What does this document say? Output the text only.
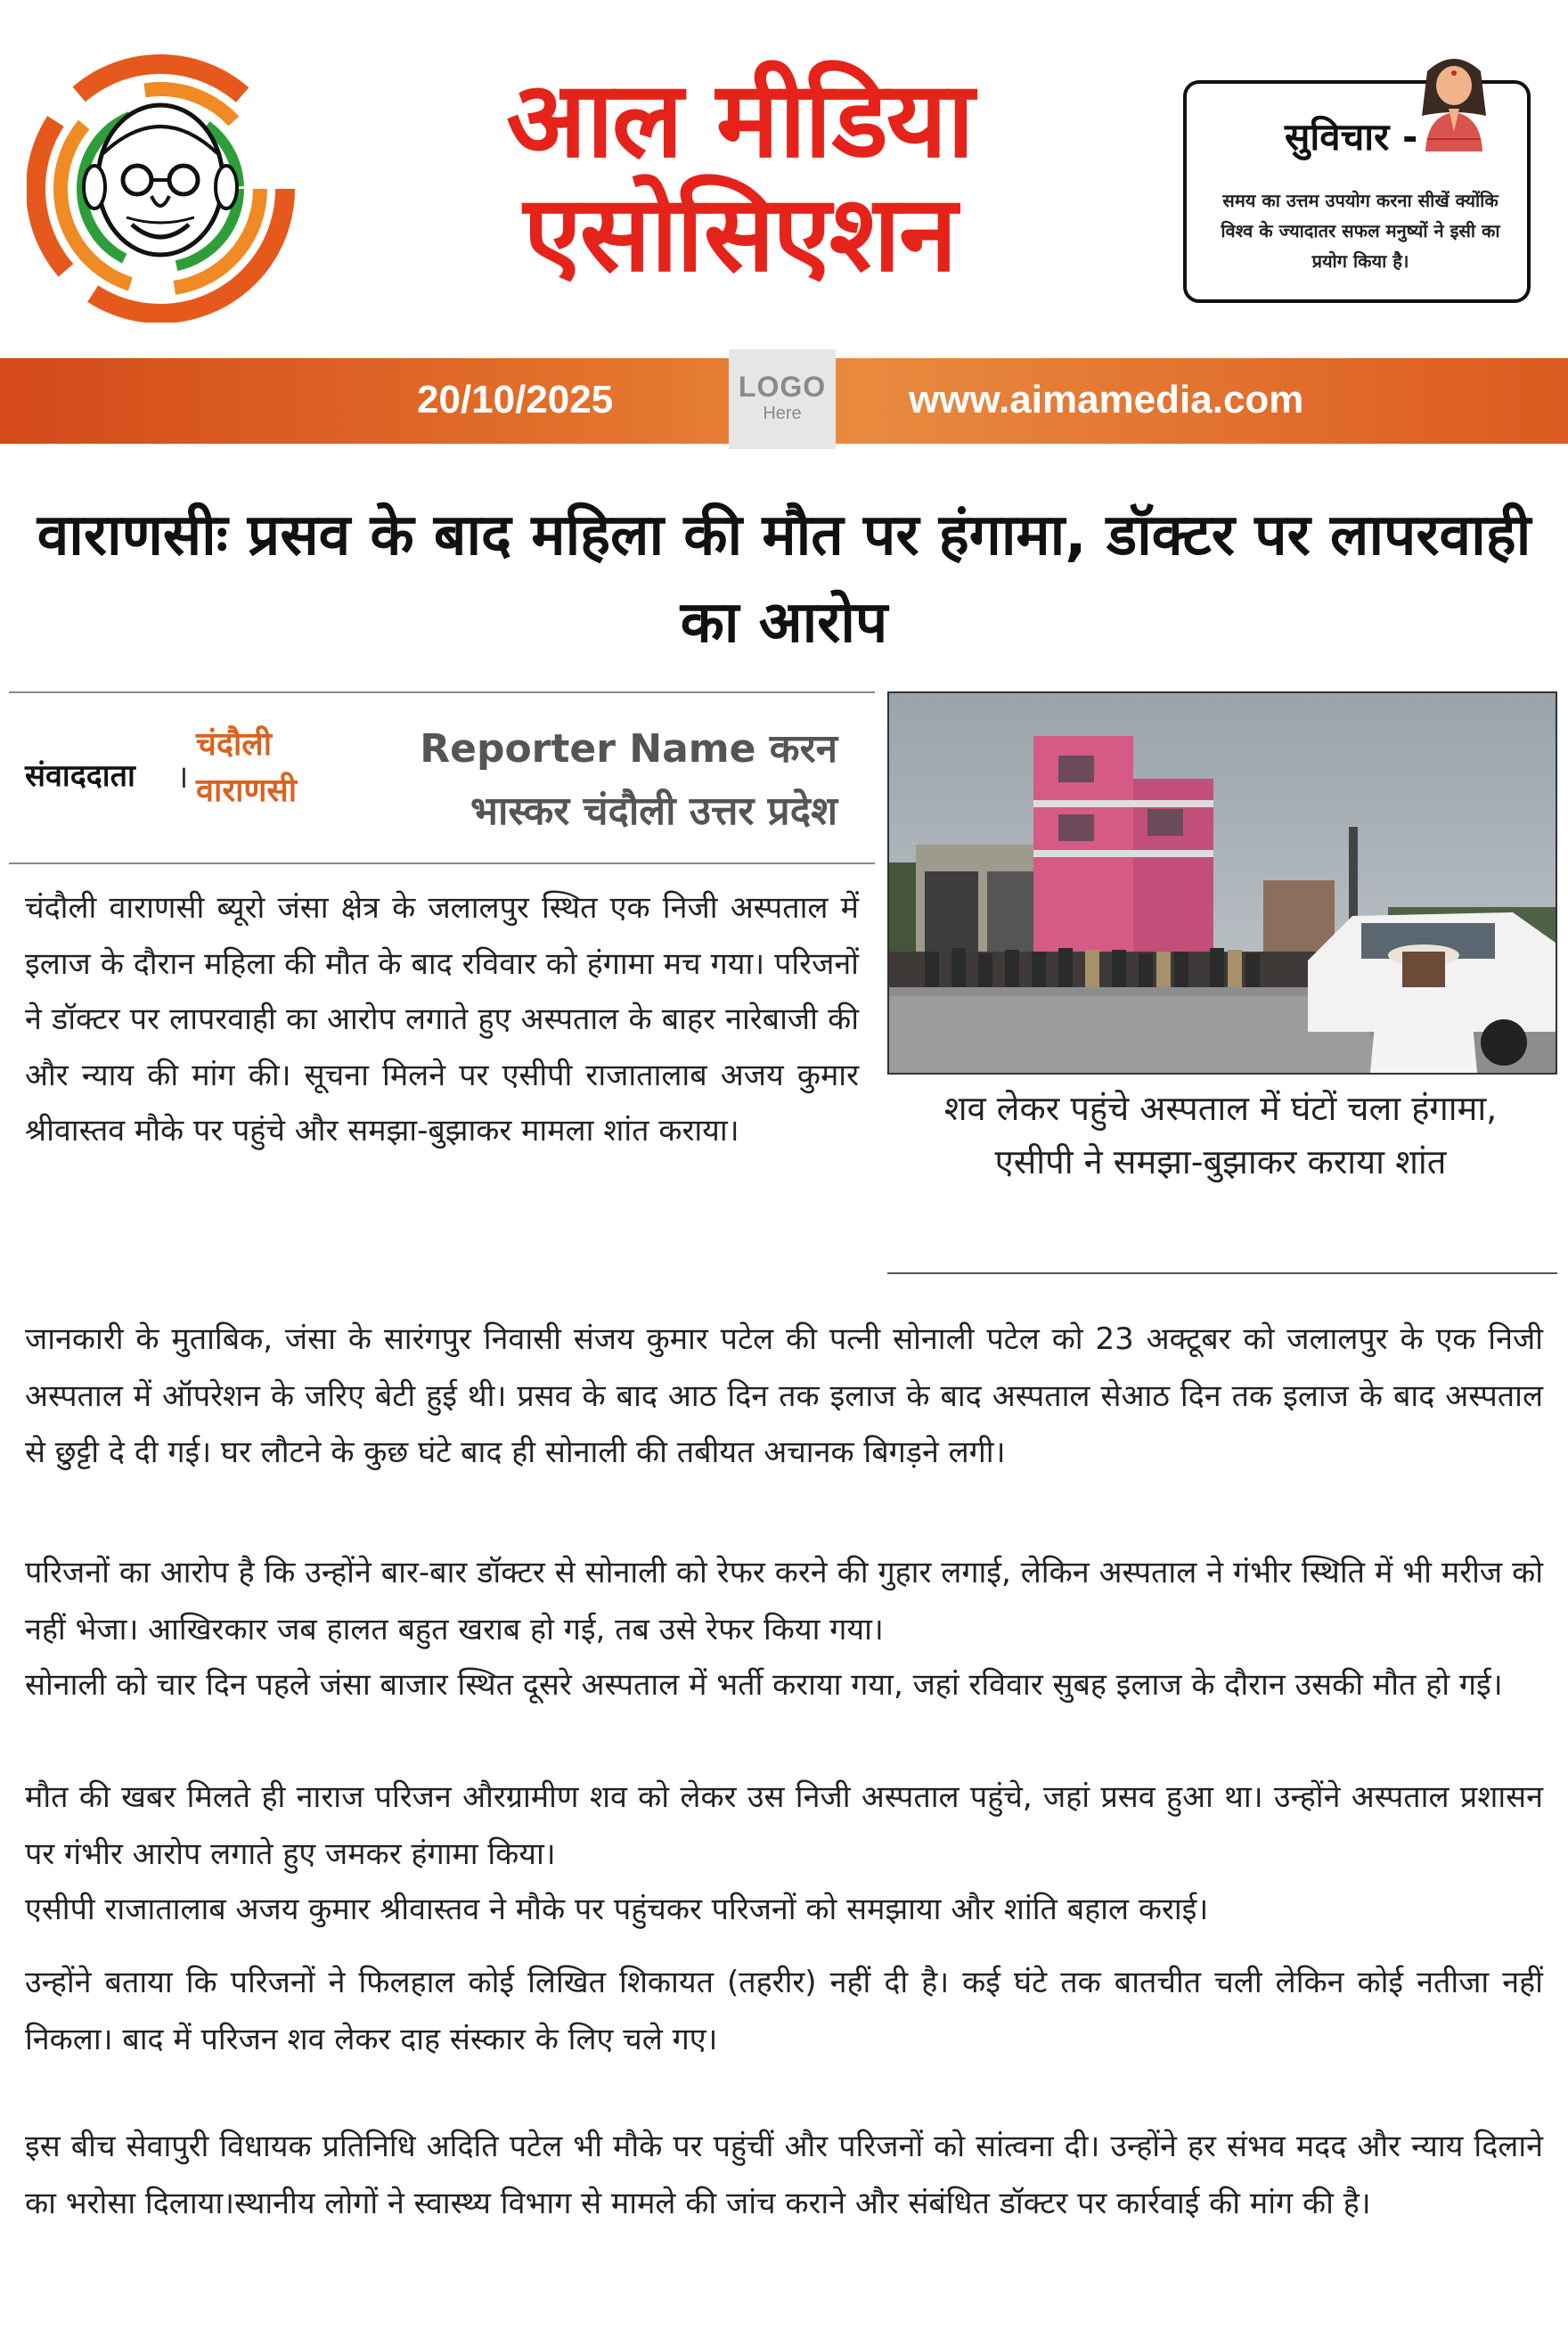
आल मीडिया
एसोसिएशन
सुविचार -
समय का उत्तम उपयोग करना सीखें क्योंकि विश्व के ज्यादातर सफल मनुष्यों ने इसी का प्रयोग किया है।
20/10/2025	LOGO
Here	www.aimamedia.com
वाराणसीः प्रसव के बाद महिला की मौत पर हंगामा, डॉक्टर पर लापरवाही का आरोप
संवाददाता ।
चंदौली
वाराणसी
Reporter Name करन भास्कर चंदौली उत्तर प्रदेश
शव लेकर पहुंचे अस्पताल में घंटों चला हंगामा, एसीपी ने समझा-बुझाकर कराया शांत
चंदौली वाराणसी ब्यूरो जंसा क्षेत्र के जलालपुर स्थित एक निजी अस्पताल में इलाज के दौरान महिला की मौत के बाद रविवार को हंगामा मच गया। परिजनों ने डॉक्टर पर लापरवाही का आरोप लगाते हुए अस्पताल के बाहर नारेबाजी की और न्याय की मांग की। सूचना मिलने पर एसीपी राजातालाब अजय कुमार श्रीवास्तव मौके पर पहुंचे और समझा-बुझाकर मामला शांत कराया।
जानकारी के मुताबिक, जंसा के सारंगपुर निवासी संजय कुमार पटेल की पत्नी सोनाली पटेल को 23 अक्टूबर को जलालपुर के एक निजी अस्पताल में ऑपरेशन के जरिए बेटी हुई थी। प्रसव के बाद आठ दिन तक इलाज के बाद अस्पताल सेआठ दिन तक इलाज के बाद अस्पताल से छुट्टी दे दी गई। घर लौटने के कुछ घंटे बाद ही सोनाली की तबीयत अचानक बिगड़ने लगी।
परिजनों का आरोप है कि उन्होंने बार-बार डॉक्टर से सोनाली को रेफर करने की गुहार लगाई, लेकिन अस्पताल ने गंभीर स्थिति में भी मरीज को नहीं भेजा। आखिरकार जब हालत बहुत खराब हो गई, तब उसे रेफर किया गया।
सोनाली को चार दिन पहले जंसा बाजार स्थित दूसरे अस्पताल में भर्ती कराया गया, जहां रविवार सुबह इलाज के दौरान उसकी मौत हो गई।
मौत की खबर मिलते ही नाराज परिजन औरग्रामीण शव को लेकर उस निजी अस्पताल पहुंचे, जहां प्रसव हुआ था। उन्होंने अस्पताल प्रशासन पर गंभीर आरोप लगाते हुए जमकर हंगामा किया।
एसीपी राजातालाब अजय कुमार श्रीवास्तव ने मौके पर पहुंचकर परिजनों को समझाया और शांति बहाल कराई।
उन्होंने बताया कि परिजनों ने फिलहाल कोई लिखित शिकायत (तहरीर) नहीं दी है। कई घंटे तक बातचीत चली लेकिन कोई नतीजा नहीं निकला। बाद में परिजन शव लेकर दाह संस्कार के लिए चले गए।
इस बीच सेवापुरी विधायक प्रतिनिधि अदिति पटेल भी मौके पर पहुंचीं और परिजनों को सांत्वना दी। उन्होंने हर संभव मदद और न्याय दिलाने का भरोसा दिलाया।स्थानीय लोगों ने स्वास्थ्य विभाग से मामले की जांच कराने और संबंधित डॉक्टर पर कार्रवाई की मांग की है।
